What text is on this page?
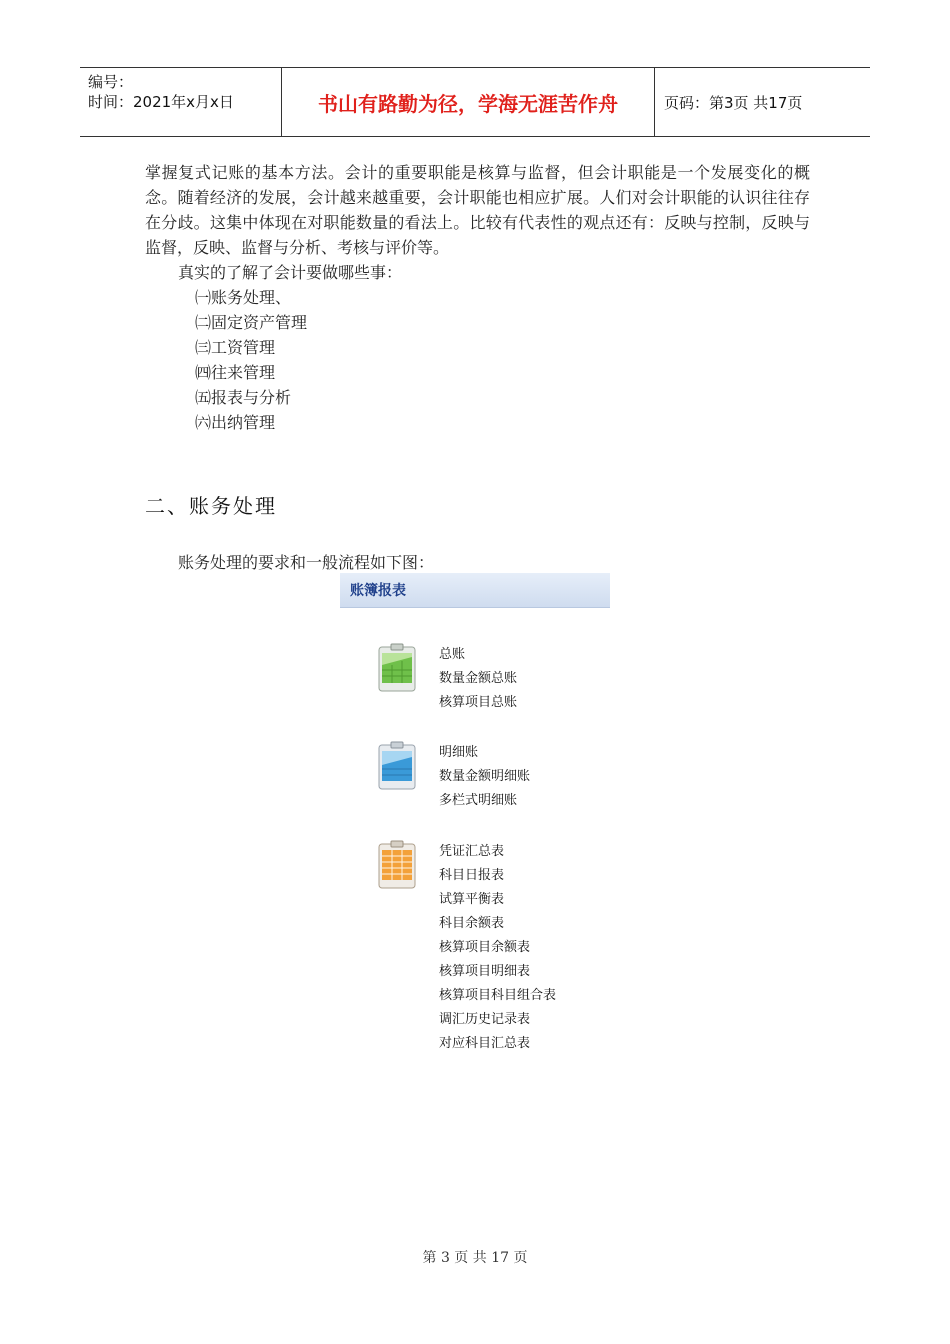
编号：
时间：2021年x月x日	书山有路勤为径，学海无涯苦作舟	页码：第3页 共17页
掌握复式记账的基本方法。会计的重要职能是核算与监督，但会计职能是一个发展变化的概念。随着经济的发展，会计越来越重要，会计职能也相应扩展。人们对会计职能的认识往往存在分歧。这集中体现在对职能数量的看法上。比较有代表性的观点还有：反映与控制，反映与监督，反映、监督与分析、考核与评价等。
真实的了解了会计要做哪些事：
㈠账务处理、
㈡固定资产管理
㈢工资管理
㈣往来管理
㈤报表与分析
㈥出纳管理
二、账务处理
账务处理的要求和一般流程如下图：
账簿报表
总账
数量金额总账
核算项目总账
明细账
数量金额明细账
多栏式明细账
凭证汇总表
科目日报表
试算平衡表
科目余额表
核算项目余额表
核算项目明细表
核算项目科目组合表
调汇历史记录表
对应科目汇总表
第 3 页 共 17 页
